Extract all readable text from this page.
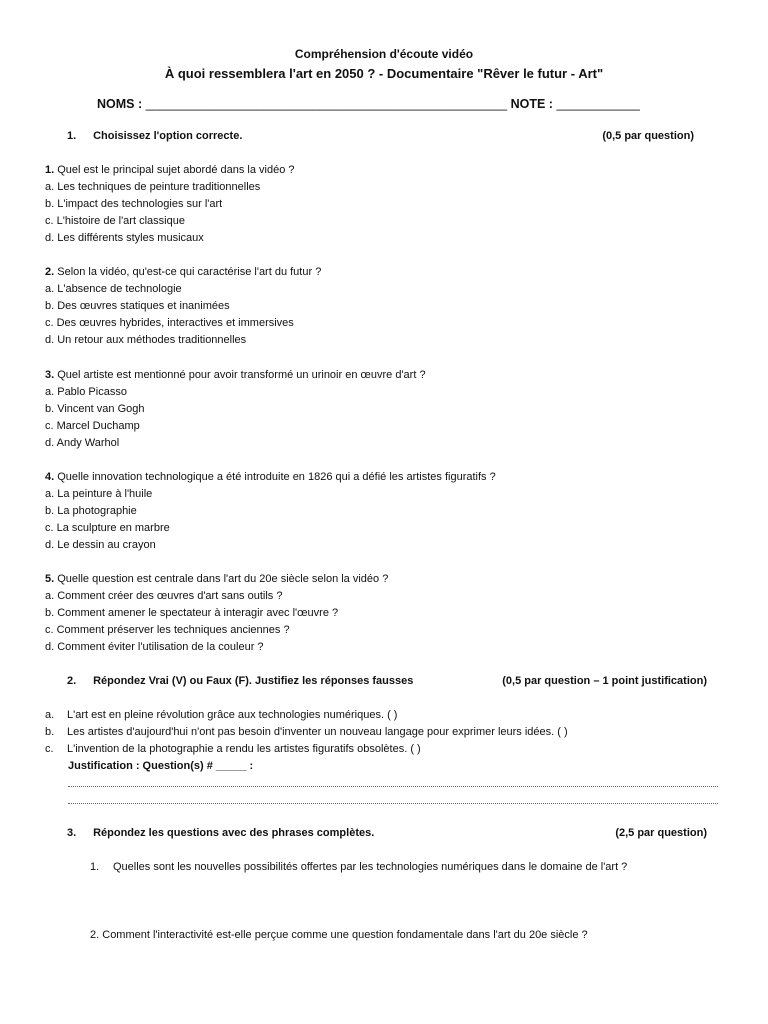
Compréhension d'écoute vidéo
À quoi ressemblera l'art en 2050 ? - Documentaire "Rêver le futur - Art"
NOMS : ____________________________________________________ NOTE : ____________
1. Choisissez l'option correcte.	(0,5 par question)
1. Quel est le principal sujet abordé dans la vidéo ?
a. Les techniques de peinture traditionnelles
b. L'impact des technologies sur l'art
c. L'histoire de l'art classique
d. Les différents styles musicaux
2. Selon la vidéo, qu'est-ce qui caractérise l'art du futur ?
a. L'absence de technologie
b. Des œuvres statiques et inanimées
c. Des œuvres hybrides, interactives et immersives
d. Un retour aux méthodes traditionnelles
3. Quel artiste est mentionné pour avoir transformé un urinoir en œuvre d'art ?
a. Pablo Picasso
b. Vincent van Gogh
c. Marcel Duchamp
d. Andy Warhol
4. Quelle innovation technologique a été introduite en 1826 qui a défié les artistes figuratifs ?
a. La peinture à l'huile
b. La photographie
c. La sculpture en marbre
d. Le dessin au crayon
5. Quelle question est centrale dans l'art du 20e siècle selon la vidéo ?
a. Comment créer des œuvres d'art sans outils ?
b. Comment amener le spectateur à interagir avec l'œuvre ?
c. Comment préserver les techniques anciennes ?
d. Comment éviter l'utilisation de la couleur ?
2. Répondez Vrai (V) ou Faux (F). Justifiez les réponses fausses	(0,5 par question – 1 point justification)
a. L'art est en pleine révolution grâce aux technologies numériques. ( )
b. Les artistes d'aujourd'hui n'ont pas besoin d'inventer un nouveau langage pour exprimer leurs idées. ( )
c. L'invention de la photographie a rendu les artistes figuratifs obsolètes. ( )
Justification : Question(s) # _____ :
3. Répondez les questions avec des phrases complètes.	(2,5 par question)
1. Quelles sont les nouvelles possibilités offertes par les technologies numériques dans le domaine de l'art ?
2. Comment l'interactivité est-elle perçue comme une question fondamentale dans l'art du 20e siècle ?
